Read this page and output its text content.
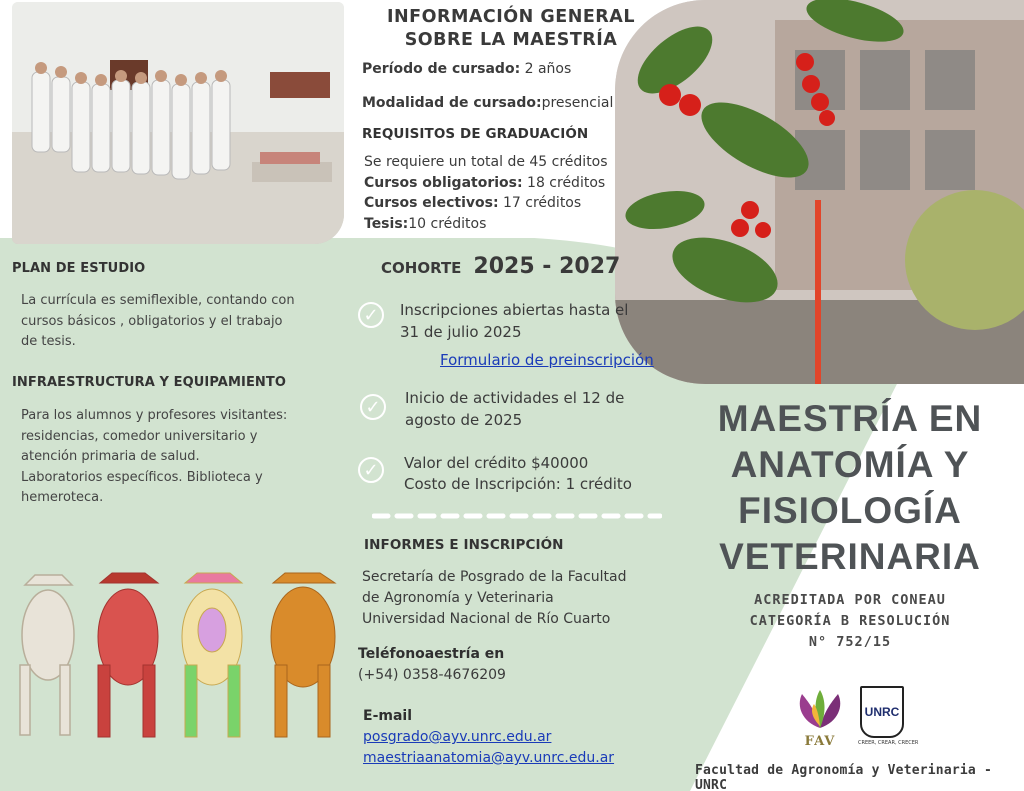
INFORMACIÓN GENERAL
SOBRE LA MAESTRÍA
Período de cursado: 2 años
Modalidad de cursado:presencial
REQUISITOS DE GRADUACIÓN
Se requiere un total de 45 créditos
Cursos obligatorios: 18 créditos
Cursos electivos: 17 créditos
Tesis:10 créditos
PLAN DE ESTUDIO
La currícula es semiflexible, contando con
cursos básicos , obligatorios y el trabajo
de tesis.
INFRAESTRUCTURA Y EQUIPAMIENTO
Para los alumnos y profesores visitantes:
residencias, comedor universitario y
atención primaria de salud.
Laboratorios específicos. Biblioteca y
hemeroteca.
COHORTE 2025 - 2027
✓	Inscripciones abiertas hasta el
31 de julio 2025
Formulario de preinscripción
✓	Inicio de actividades el 12 de
agosto de 2025
✓	Valor del crédito $40000
Costo de Inscripción: 1 crédito
INFORMES E INSCRIPCIÓN
Secretaría de Posgrado de la Facultad
de Agronomía y Veterinaria
Universidad Nacional de Río Cuarto
Teléfonoaestría en
(+54) 0358-4676209
E-mail
posgrado@ayv.unrc.edu.ar
maestriaanatomia@ayv.unrc.edu.ar
MAESTRÍA EN
ANATOMÍA Y
FISIOLOGÍA
VETERINARIA
ACREDITADA POR CONEAU
CATEGORÍA B RESOLUCIÓN
N° 752/15
FAV
UNRC
CREER, CREAR, CRECER
Facultad de Agronomía y Veterinaria - UNRC
